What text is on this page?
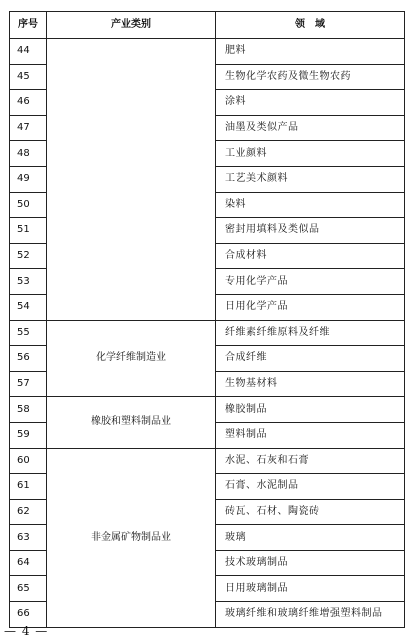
序号	产业类别	领　域
44		肥料
45		生物化学农药及微生物农药
46		涂料
47		油墨及类似产品
48		工业颜料
49		工艺美术颜料
50		染料
51		密封用填料及类似品
52		合成材料
53		专用化学产品
54		日用化学产品
55	化学纤维制造业	纤维素纤维原料及纤维
56		合成纤维
57		生物基材料
58	橡胶和塑料制品业	橡胶制品
59		塑料制品
60	非金属矿物制品业	水泥、石灰和石膏
61		石膏、水泥制品
62		砖瓦、石材、陶瓷砖
63		玻璃
64		技术玻璃制品
65		日用玻璃制品
66		玻璃纤维和玻璃纤维增强塑料制品
— 4 —
